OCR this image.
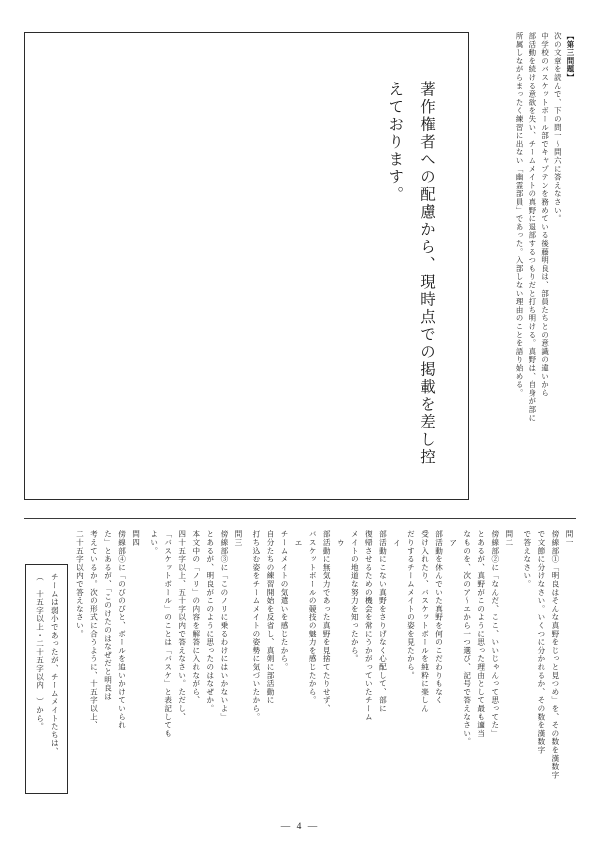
著作権者への配慮から、現時点での掲載を差し控えております。
【第三問題】
次の文章を読んで、下の問一〜問六に答えなさい。
中学校のバスケットボール部でキャプテンを務めている後藤明良は、部員たちとの意識の違いから
部活動を続ける意欲を失い、チームメイトの真野に退部するつもりだと打ち明ける。真野は、自身が部に
所属しながらまったく練習に出ない「幽霊部員」であった。入部しない理由のことを語り始める。
問一
傍線部①「明良はそんな真野をじっと見つめ」を、その数を漢数字
で文節に分けなさい。いくつに分かれるか、その数を漢数字
で答えなさい。
問二
傍線部②に「なんだ、ここ、いいじゃんって思ってた」
とあるが、真野がこのように思った理由として最も適当
なものを、次のア〜エから一つ選び、記号で答えなさい。
ア
部活動を休んでいた真野を何のこだわりもなく
受け入れたり、バスケットボールを純粋に楽しん
だりするチームメイトの姿を見たから。
イ
部活動にこない真野をさりげなく心配して、部に
復帰させるための機会を常にうかがっていたチーム
メイトの地道な努力を知ったから。
ウ
部活動に無気力であった真野を見捨てたりせず、
バスケットボールの競技の魅力を感じたから。
エ
チームメイトの気遣いを感じたから。
自分たちの練習開始を反省し、真剣に部活動に
打ち込む姿をチームメイトの姿勢に気づいたから。
問三
傍線部③に「このノリに乗るわけにはいかないよ」
とあるが、明良がこのように思ったのはなぜか。
本文中の「ノリ」の内容を解答に入れながら、
四十五字以上、五十字以内で答えなさい。ただし、
「バスケットボール」のことは「バスケ」と表記しても
よい。
問四
傍線部④に「のびのびと、ボールを追いかけていられ
た」とあるが、「このけたのはなぜだと明良は
考えているか。次の形式に合うように、十五字以上、
二十五字以内で答えなさい。
チームは弱小であったが、チームメイトたちは、
（　十五字以上・二十五字以内　）から。
— 4 —
